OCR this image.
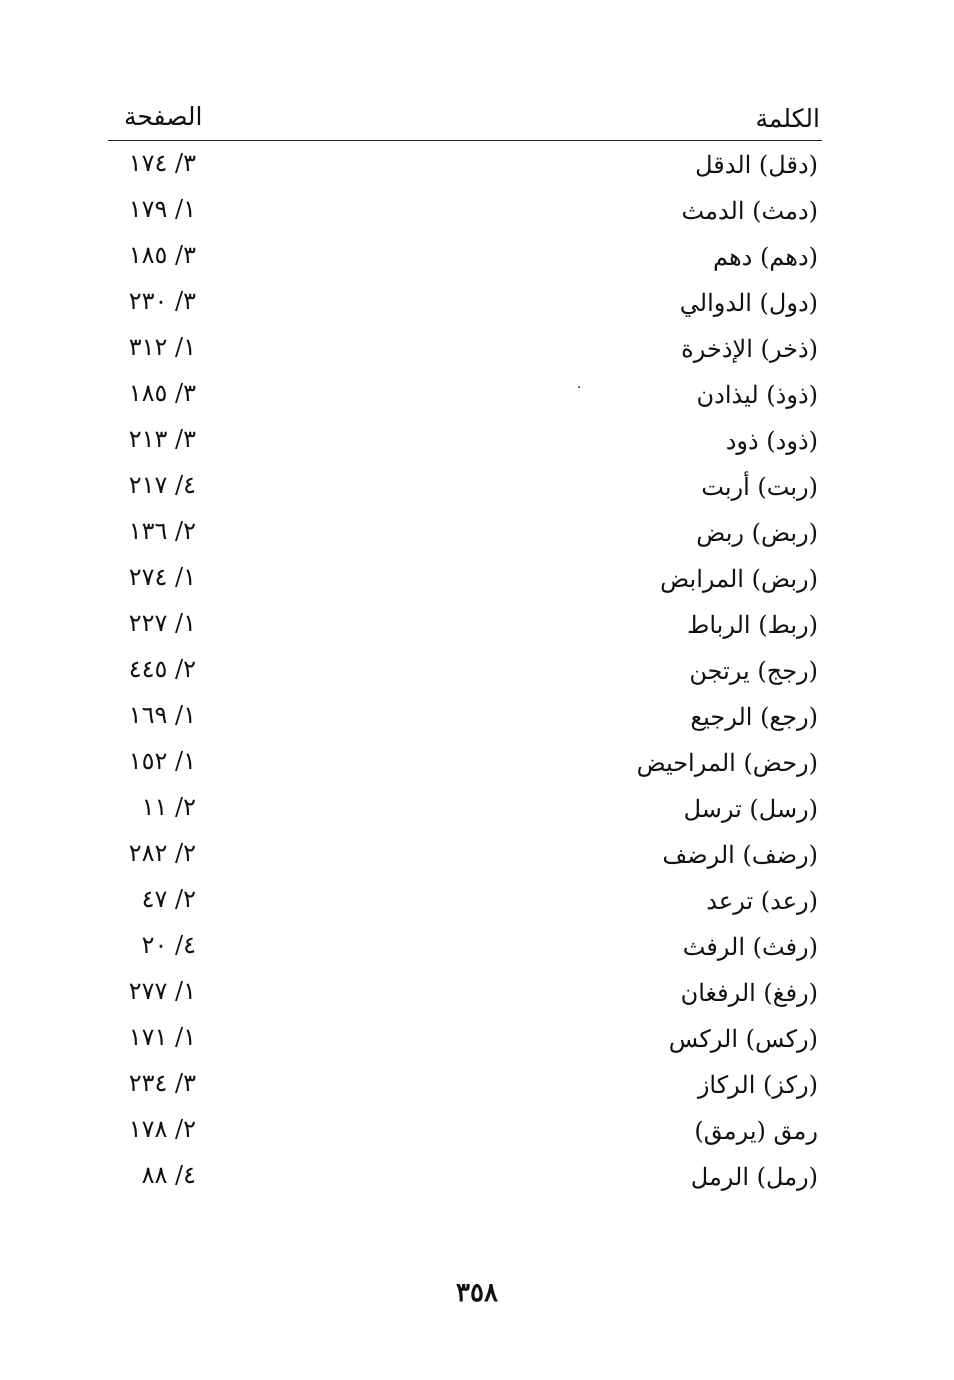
الكلمة
الصفحة
(دقل) الدقل
٣/ ١٧٤
(دمث) الدمث
١/ ١٧٩
(دهم) دهم
٣/ ١٨٥
(دول) الدوالي
٣/ ٢٣٠
(ذخر) الإذخرة
١/ ٣١٢
(ذوذ) ليذادن
٣/ ١٨٥
(ذود) ذود
٣/ ٢١٣
(ربت) أربت
٤/ ٢١٧
(ربض) ربض
٢/ ١٣٦
(ربض) المرابض
١/ ٢٧٤
(ربط) الرباط
١/ ٢٢٧
(رجج) يرتجن
٢/ ٤٤٥
(رجع) الرجيع
١/ ١٦٩
(رحض) المراحيض
١/ ١٥٢
(رسل) ترسل
٢/ ١١
(رضف) الرضف
٢/ ٢٨٢
(رعد) ترعد
٢/ ٤٧
(رفث) الرفث
٤/ ٢٠
(رفغ) الرفغان
١/ ٢٧٧
(ركس) الركس
١/ ١٧١
(ركز) الركاز
٣/ ٢٣٤
رمق (يرمق)
٢/ ١٧٨
(رمل) الرمل
٤/ ٨٨
٣٥٨
